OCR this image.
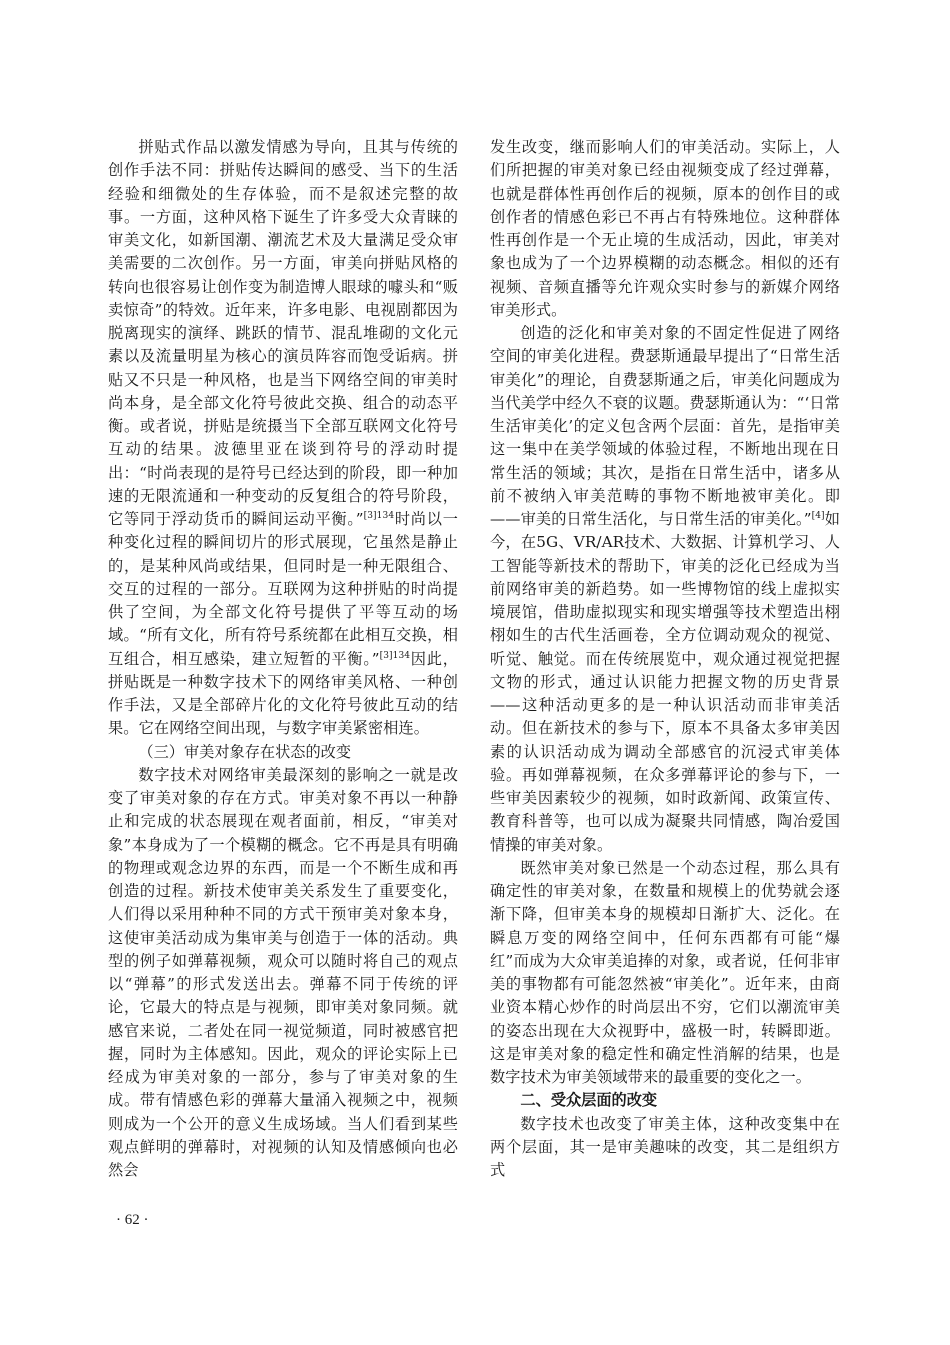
拼贴式作品以激发情感为导向，且其与传统的创作手法不同：拼贴传达瞬间的感受、当下的生活经验和细微处的生存体验，而不是叙述完整的故事。一方面，这种风格下诞生了许多受大众青睐的审美文化，如新国潮、潮流艺术及大量满足受众审美需要的二次创作。另一方面，审美向拼贴风格的转向也很容易让创作变为制造博人眼球的噱头和“贩卖惊奇”的特效。近年来，许多电影、电视剧都因为脱离现实的演绎、跳跃的情节、混乱堆砌的文化元素以及流量明星为核心的演员阵容而饱受诟病。拼贴又不只是一种风格，也是当下网络空间的审美时尚本身，是全部文化符号彼此交换、组合的动态平衡。或者说，拼贴是统摄当下全部互联网文化符号互动的结果。波德里亚在谈到符号的浮动时提出：“时尚表现的是符号已经达到的阶段，即一种加速的无限流通和一种变动的反复组合的符号阶段，它等同于浮动货币的瞬间运动平衡。”$^{[3]134}$时尚以一种变化过程的瞬间切片的形式展现，它虽然是静止的，是某种风尚或结果，但同时是一种无限组合、交互的过程的一部分。互联网为这种拼贴的时尚提供了空间，为全部文化符号提供了平等互动的场域。“所有文化，所有符号系统都在此相互交换，相互组合，相互感染，建立短暂的平衡。”$^{[3]134}$因此，拼贴既是一种数字技术下的网络审美风格、一种创作手法，又是全部碎片化的文化符号彼此互动的结果。它在网络空间出现，与数字审美紧密相连。

（三）审美对象存在状态的改变

数字技术对网络审美最深刻的影响之一就是改变了审美对象的存在方式。审美对象不再以一种静止和完成的状态展现在观者面前，相反，“审美对象”本身成为了一个模糊的概念。它不再是具有明确的物理或观念边界的东西，而是一个不断生成和再创造的过程。新技术使审美关系发生了重要变化，人们得以采用种种不同的方式干预审美对象本身，这使审美活动成为集审美与创造于一体的活动。典型的例子如弹幕视频，观众可以随时将自己的观点以“弹幕”的形式发送出去。弹幕不同于传统的评论，它最大的特点是与视频，即审美对象同频。就感官来说，二者处在同一视觉频道，同时被感官把握，同时为主体感知。因此，观众的评论实际上已经成为审美对象的一部分，参与了审美对象的生成。带有情感色彩的弹幕大量涌入视频之中，视频则成为一个公开的意义生成场域。当人们看到某些观点鲜明的弹幕时，对视频的认知及情感倾向也必然会

发生改变，继而影响人们的审美活动。实际上，人们所把握的审美对象已经由视频变成了经过弹幕，也就是群体性再创作后的视频，原本的创作目的或创作者的情感色彩已不再占有特殊地位。这种群体性再创作是一个无止境的生成活动，因此，审美对象也成为了一个边界模糊的动态概念。相似的还有视频、音频直播等允许观众实时参与的新媒介网络审美形式。

创造的泛化和审美对象的不固定性促进了网络空间的审美化进程。费瑟斯通最早提出了“日常生活审美化”的理论，自费瑟斯通之后，审美化问题成为当代美学中经久不衰的议题。费瑟斯通认为：“‘日常生活审美化’的定义包含两个层面：首先，是指审美这一集中在美学领域的体验过程，不断地出现在日常生活的领域；其次，是指在日常生活中，诸多从前不被纳入审美范畴的事物不断地被审美化。即——审美的日常生活化，与日常生活的审美化。”[4]如今，在5G、VR/AR技术、大数据、计算机学习、人工智能等新技术的帮助下，审美的泛化已经成为当前网络审美的新趋势。如一些博物馆的线上虚拟实境展馆，借助虚拟现实和现实增强等技术塑造出栩栩如生的古代生活画卷，全方位调动观众的视觉、听觉、触觉。而在传统展览中，观众通过视觉把握文物的形式，通过认识能力把握文物的历史背景——这种活动更多的是一种认识活动而非审美活动。但在新技术的参与下，原本不具备太多审美因素的认识活动成为调动全部感官的沉浸式审美体验。再如弹幕视频，在众多弹幕评论的参与下，一些审美因素较少的视频，如时政新闻、政策宣传、教育科普等，也可以成为凝聚共同情感，陶冶爱国情操的审美对象。

既然审美对象已然是一个动态过程，那么具有确定性的审美对象，在数量和规模上的优势就会逐渐下降，但审美本身的规模却日渐扩大、泛化。在瞬息万变的网络空间中，任何东西都有可能“爆红”而成为大众审美追捧的对象，或者说，任何非审美的事物都有可能忽然被“审美化”。近年来，由商业资本精心炒作的时尚层出不穷，它们以潮流审美的姿态出现在大众视野中，盛极一时，转瞬即逝。这是审美对象的稳定性和确定性消解的结果，也是数字技术为审美领域带来的最重要的变化之一。

二、受众层面的改变

数字技术也改变了审美主体，这种改变集中在两个层面，其一是审美趣味的改变，其二是组织方式

· 62 ·
